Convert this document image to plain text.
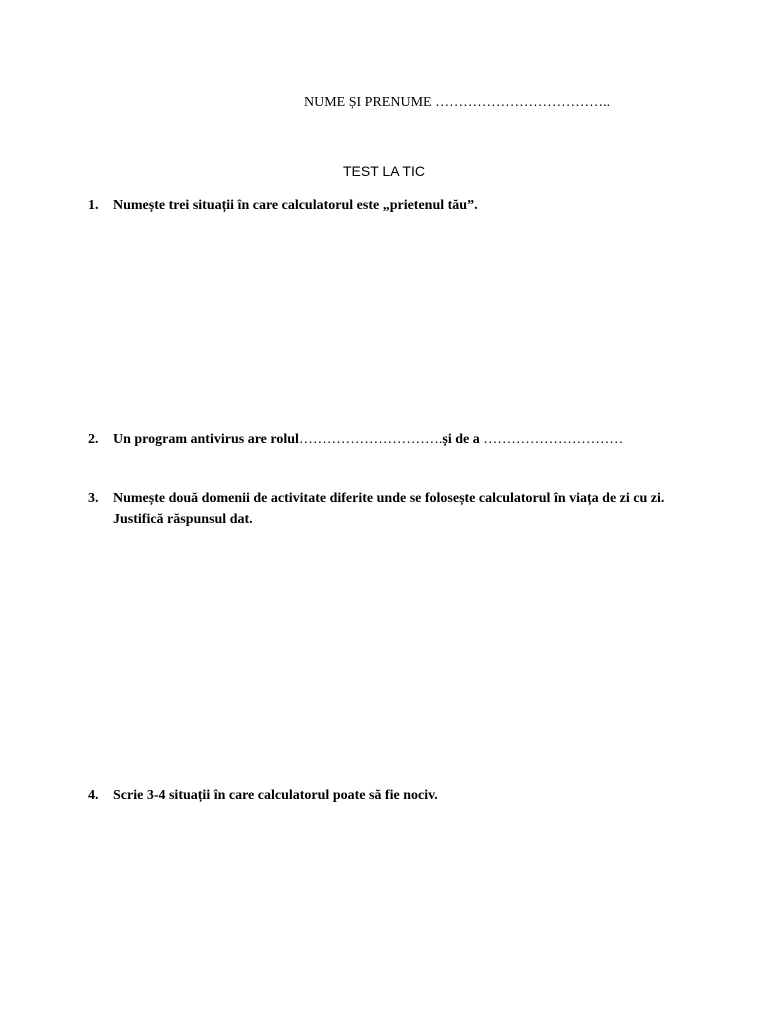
NUME ȘI PRENUME ………………………………..
TEST LA TIC
1. Numește trei situații în care calculatorul este „prietenul tău”.
2. Un program antivirus are rolul………………………….și de a …………………………
3. Numește două domenii de activitate diferite unde se folosește calculatorul în viața de zi cu zi. Justifică răspunsul dat.
4. Scrie 3-4 situații în care calculatorul poate să fie nociv.
